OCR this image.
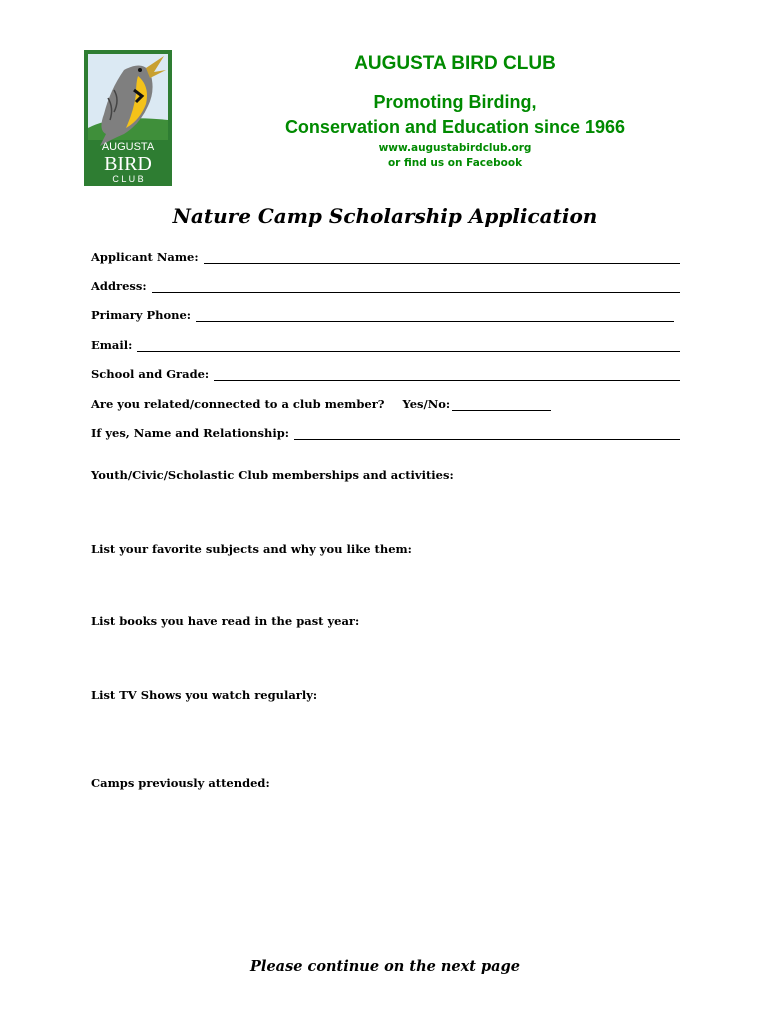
AUGUSTA
BIRD
C L U B
AUGUSTA BIRD CLUB
Promoting Birding,
Conservation and Education since 1966
www.augustabirdclub.org
or find us on Facebook
Nature Camp Scholarship Application
Applicant Name:
Address:
Primary Phone:
Email:
School and Grade:
Are you related/connected to a club member? Yes/No:
If yes, Name and Relationship:
Youth/Civic/Scholastic Club memberships and activities:
List your favorite subjects and why you like them:
List books you have read in the past year:
List TV Shows you watch regularly:
Camps previously attended:
Please continue on the next page
